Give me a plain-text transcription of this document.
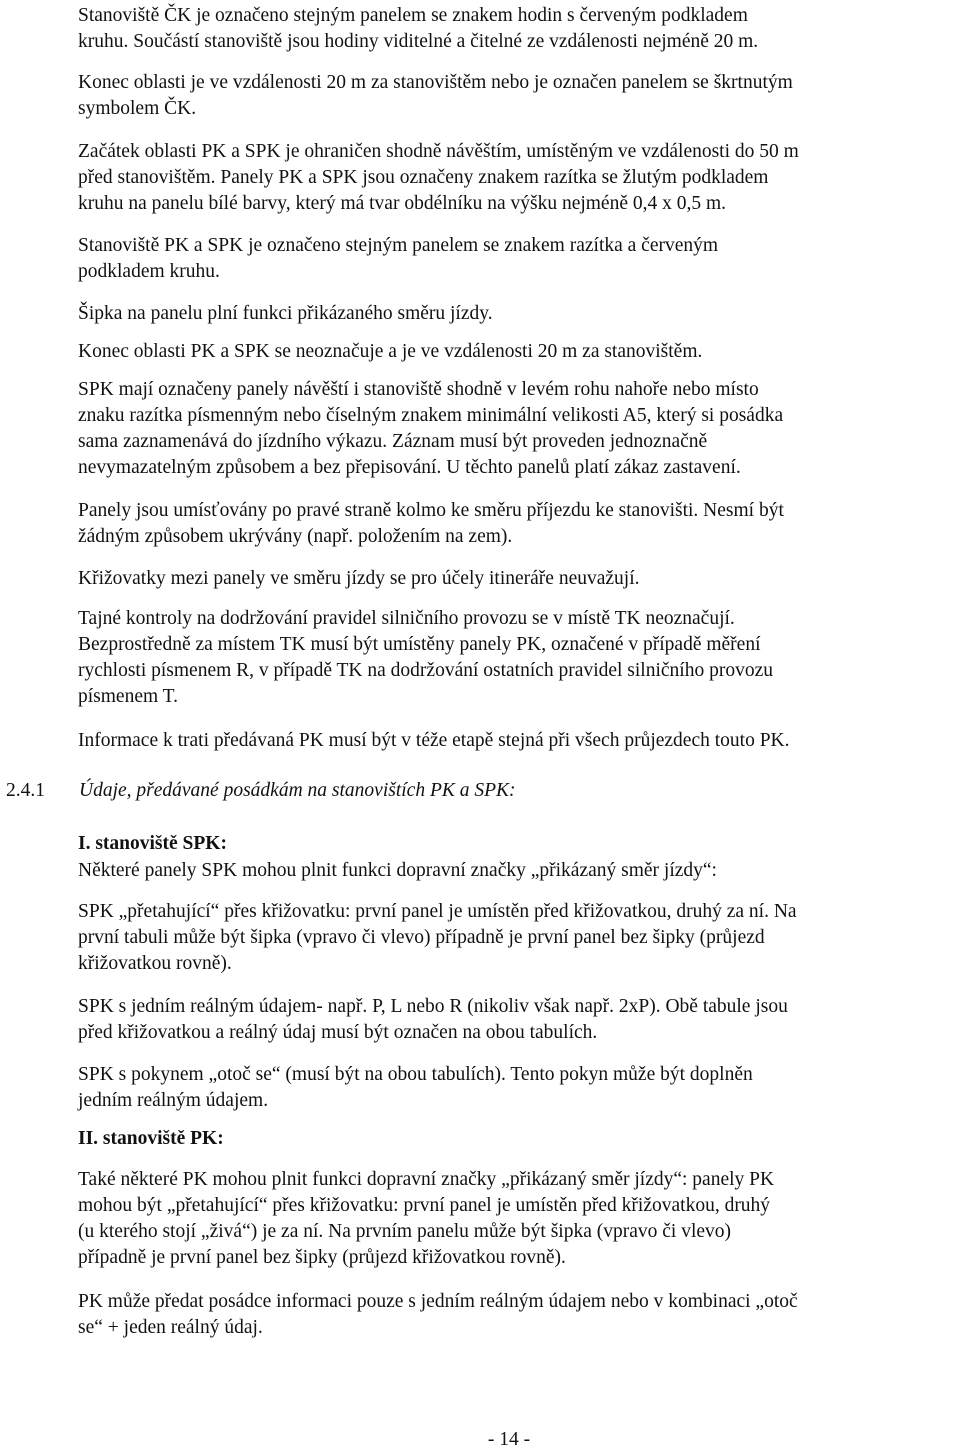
Stanoviště ČK je označeno stejným panelem se znakem hodin s červeným podkladem
kruhu. Součástí stanoviště jsou hodiny viditelné a čitelné ze vzdálenosti nejméně 20 m.
Konec oblasti je ve vzdálenosti 20 m za stanovištěm nebo je označen panelem se škrtnutým
symbolem ČK.
Začátek oblasti PK a SPK je ohraničen shodně návěštím, umístěným ve vzdálenosti do 50 m
před stanovištěm. Panely PK a SPK jsou označeny znakem razítka se žlutým podkladem
kruhu na panelu bílé barvy, který má tvar obdélníku na výšku nejméně 0,4 x 0,5 m.
Stanoviště PK a SPK je označeno stejným panelem se znakem razítka a červeným
podkladem kruhu.
Šipka na panelu plní funkci přikázaného směru jízdy.
Konec oblasti PK a SPK se neoznačuje a je ve vzdálenosti 20 m za stanovištěm.
SPK mají označeny panely návěští i stanoviště shodně v levém rohu nahoře nebo místo
znaku razítka písmenným nebo číselným znakem minimální velikosti A5, který si posádka
sama zaznamenává do jízdního výkazu. Záznam musí být proveden jednoznačně
nevymazatelným způsobem a bez přepisování. U těchto panelů platí zákaz zastavení.
Panely jsou umísťovány po pravé straně kolmo ke směru příjezdu ke stanovišti. Nesmí být
žádným způsobem ukrývány (např. položením na zem).
Křižovatky mezi panely ve směru jízdy se pro účely itineráře neuvažují.
Tajné kontroly na dodržování pravidel silničního provozu se v místě TK neoznačují.
Bezprostředně za místem TK musí být umístěny panely PK, označené v případě měření
rychlosti písmenem R, v případě TK na dodržování ostatních pravidel silničního provozu
písmenem T.
Informace k trati předávaná PK musí být v téže etapě stejná při všech průjezdech touto PK.
2.4.1 Údaje, předávané posádkám na stanovištích PK a SPK:
I. stanoviště SPK:
Některé panely SPK mohou plnit funkci dopravní značky „přikázaný směr jízdy“:
SPK „přetahující“ přes křižovatku: první panel je umístěn před křižovatkou, druhý za ní. Na
první tabuli může být šipka (vpravo či vlevo) případně je první panel bez šipky (průjezd
křižovatkou rovně).
SPK s jedním reálným údajem- např. P, L nebo R (nikoliv však např. 2xP). Obě tabule jsou
před křižovatkou a reálný údaj musí být označen na obou tabulích.
SPK s pokynem „otoč se“ (musí být na obou tabulích). Tento pokyn může být doplněn
jedním reálným údajem.
II. stanoviště PK:
Také některé PK mohou plnit funkci dopravní značky „přikázaný směr jízdy“: panely PK
mohou být „přetahující“ přes křižovatku: první panel je umístěn před křižovatkou, druhý
(u kterého stojí „živá“) je za ní. Na prvním panelu může být šipka (vpravo či vlevo)
případně je první panel bez šipky (průjezd křižovatkou rovně).
PK může předat posádce informaci pouze s jedním reálným údajem nebo v kombinaci „otoč
se“ + jeden reálný údaj.
- 14 -
